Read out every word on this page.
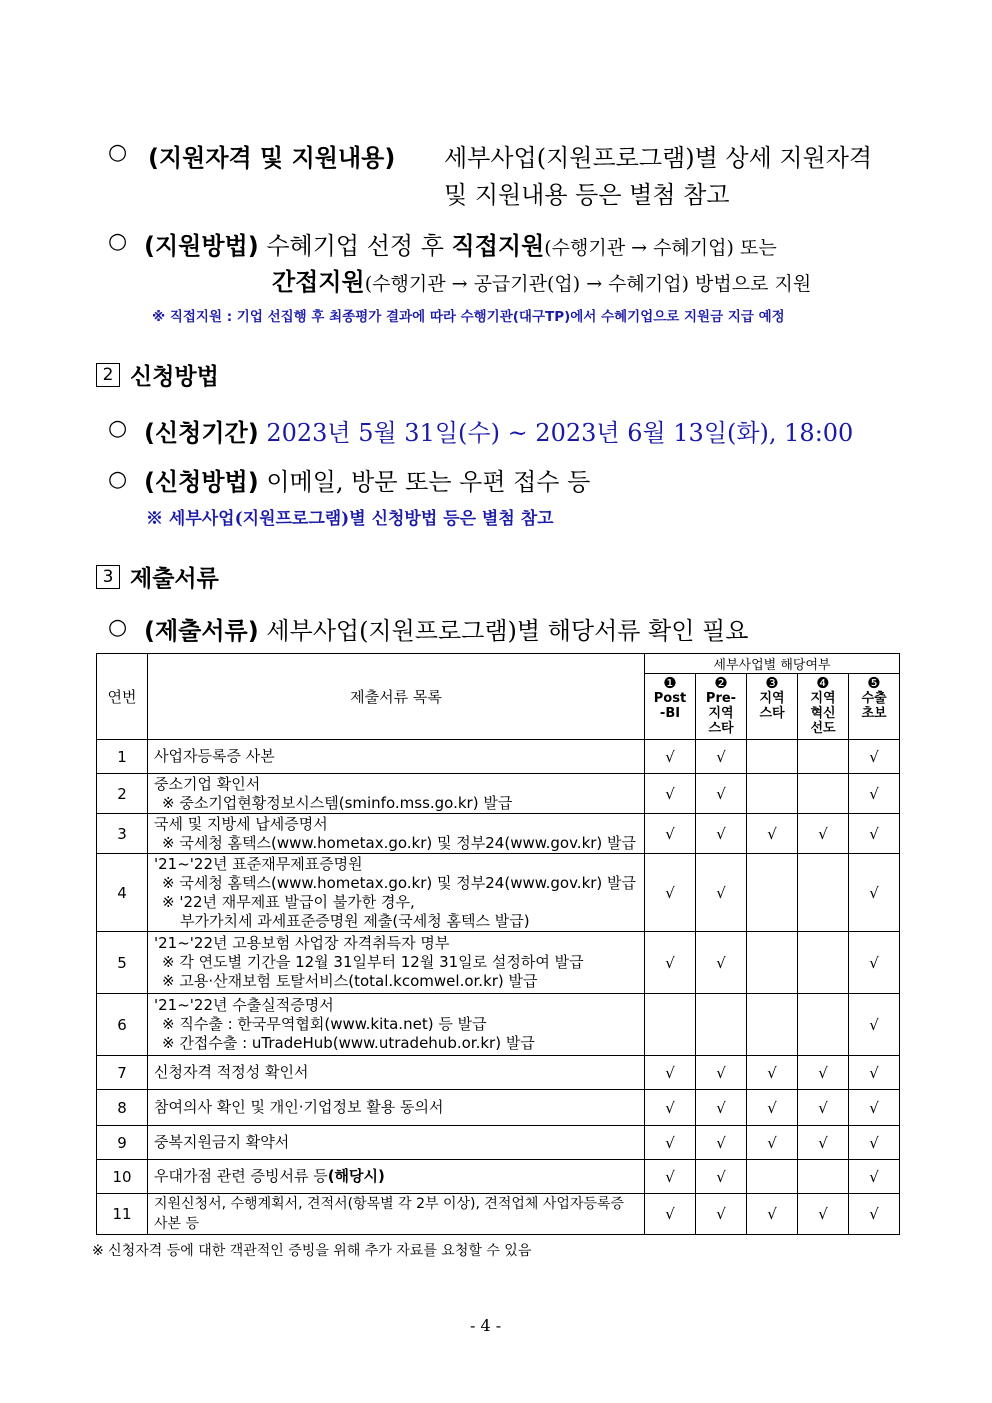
○ (지원자격 및 지원내용) 세부사업(지원프로그램)별 상세 지원자격
및 지원내용 등은 별첨 참고
○ (지원방법) 수혜기업 선정 후 직접지원(수행기관 → 수혜기업) 또는
간접지원(수행기관 → 공급기관(업) → 수혜기업) 방법으로 지원
※ 직접지원 : 기업 선집행 후 최종평가 결과에 따라 수행기관(대구TP)에서 수혜기업으로 지원금 지급 예정
2 신청방법
○ (신청기간) 2023년 5월 31일(수) ~ 2023년 6월 13일(화), 18:00
○ (신청방법) 이메일, 방문 또는 우편 접수 등
※ 세부사업(지원프로그램)별 신청방법 등은 별첨 참고
3 제출서류
○ (제출서류) 세부사업(지원프로그램)별 해당서류 확인 필요
연번	제출서류 목록	세부사업별 해당여부				

		❶
Post
-BI	❷
Pre-
지역
스타	❸
지역
스타	❹
지역
혁신
선도	❺
수출
초보

1	사업자등록증 사본	√	√			√
2	중소기업 확인서
※ 중소기업현황정보시스템(sminfo.mss.go.kr) 발급	√	√			√
3	국세 및 지방세 납세증명서
※ 국세청 홈텍스(www.hometax.go.kr) 및 정부24(www.gov.kr) 발급	√	√	√	√	√
4	'21~'22년 표준재무제표증명원
※ 국세청 홈텍스(www.hometax.go.kr) 및 정부24(www.gov.kr) 발급
※ '22년 재무제표 발급이 불가한 경우,
부가가치세 과세표준증명원 제출(국세청 홈텍스 발급)	√	√			√
5	'21~'22년 고용보험 사업장 자격취득자 명부
※ 각 연도별 기간을 12월 31일부터 12월 31일로 설정하여 발급
※ 고용·산재보험 토탈서비스(total.kcomwel.or.kr) 발급	√	√			√
6	'21~'22년 수출실적증명서
※ 직수출 : 한국무역협회(www.kita.net) 등 발급
※ 간접수출 : uTradeHub(www.utradehub.or.kr) 발급					√
7	신청자격 적정성 확인서	√	√	√	√	√
8	참여의사 확인 및 개인·기업정보 활용 동의서	√	√	√	√	√
9	중복지원금지 확약서	√	√	√	√	√
10	우대가점 관련 증빙서류 등(해당시)	√	√			√
11	지원신청서, 수행계획서, 견적서(항목별 각 2부 이상), 견적업체 사업자등록증 사본 등	√	√	√	√	√
※ 신청자격 등에 대한 객관적인 증빙을 위해 추가 자료를 요청할 수 있음
- 4 -
